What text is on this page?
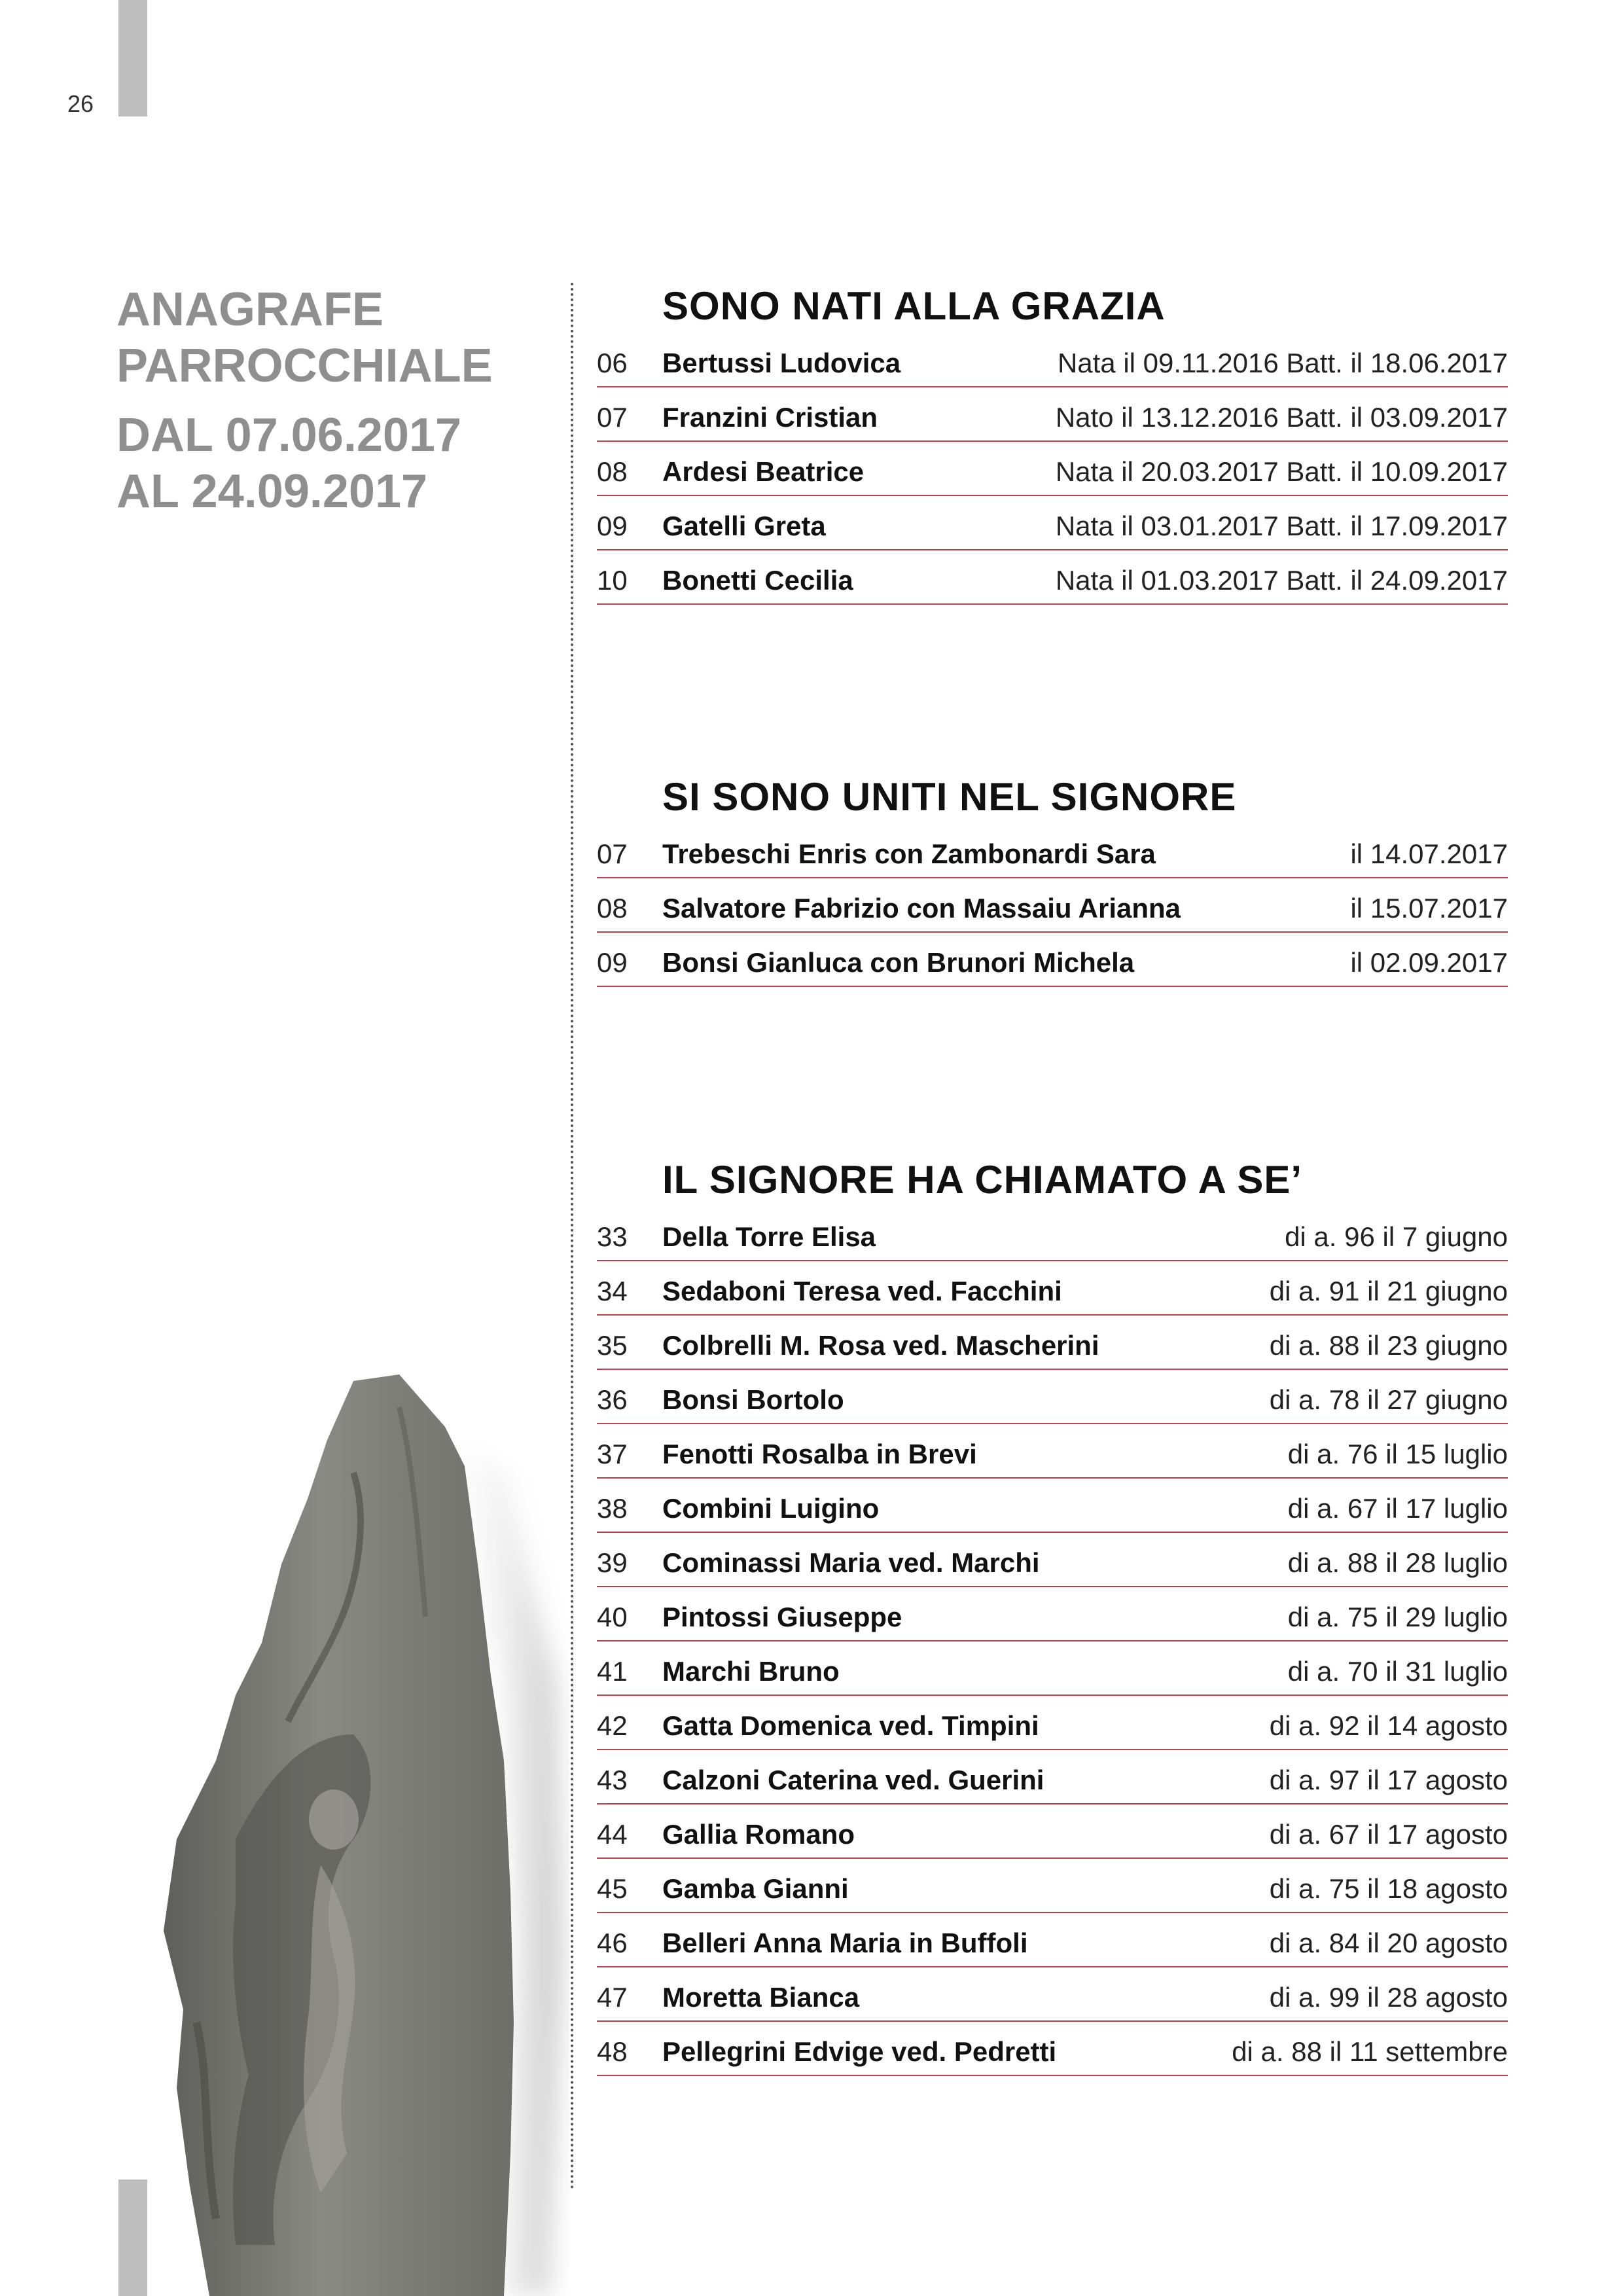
26
ANAGRAFE
PARROCCHIALE
DAL 07.06.2017
AL 24.09.2017
SONO NATI ALLA GRAZIA
06	Bertussi Ludovica	Nata il 09.11.2016 Batt. il 18.06.2017
07	Franzini Cristian	Nato il 13.12.2016 Batt. il 03.09.2017
08	Ardesi Beatrice	Nata il 20.03.2017 Batt. il 10.09.2017
09	Gatelli Greta	Nata il 03.01.2017 Batt. il 17.09.2017
10	Bonetti Cecilia	Nata il 01.03.2017 Batt. il 24.09.2017
SI SONO UNITI NEL SIGNORE
07	Trebeschi Enris con Zambonardi Sara	il 14.07.2017
08	Salvatore Fabrizio con Massaiu Arianna	il 15.07.2017
09	Bonsi Gianluca con Brunori Michela	il 02.09.2017
IL SIGNORE HA CHIAMATO A SE’
33	Della Torre Elisa	di a. 96 il 7 giugno
34	Sedaboni Teresa ved. Facchini	di a. 91 il 21 giugno
35	Colbrelli M. Rosa ved. Mascherini	di a. 88 il 23 giugno
36	Bonsi Bortolo	di a. 78 il 27 giugno
37	Fenotti Rosalba in Brevi	di a. 76 il 15 luglio
38	Combini Luigino	di a. 67 il 17 luglio
39	Cominassi Maria ved. Marchi	di a. 88 il 28 luglio
40	Pintossi Giuseppe	di a. 75 il 29 luglio
41	Marchi Bruno	di a. 70 il 31 luglio
42	Gatta Domenica ved. Timpini	di a. 92 il 14 agosto
43	Calzoni Caterina ved. Guerini	di a. 97 il 17 agosto
44	Gallia Romano	di a. 67 il 17 agosto
45	Gamba Gianni	di a. 75 il 18 agosto
46	Belleri Anna Maria in Buffoli	di a. 84 il 20 agosto
47	Moretta Bianca	di a. 99 il 28 agosto
48	Pellegrini Edvige ved. Pedretti	di a. 88 il 11 settembre
